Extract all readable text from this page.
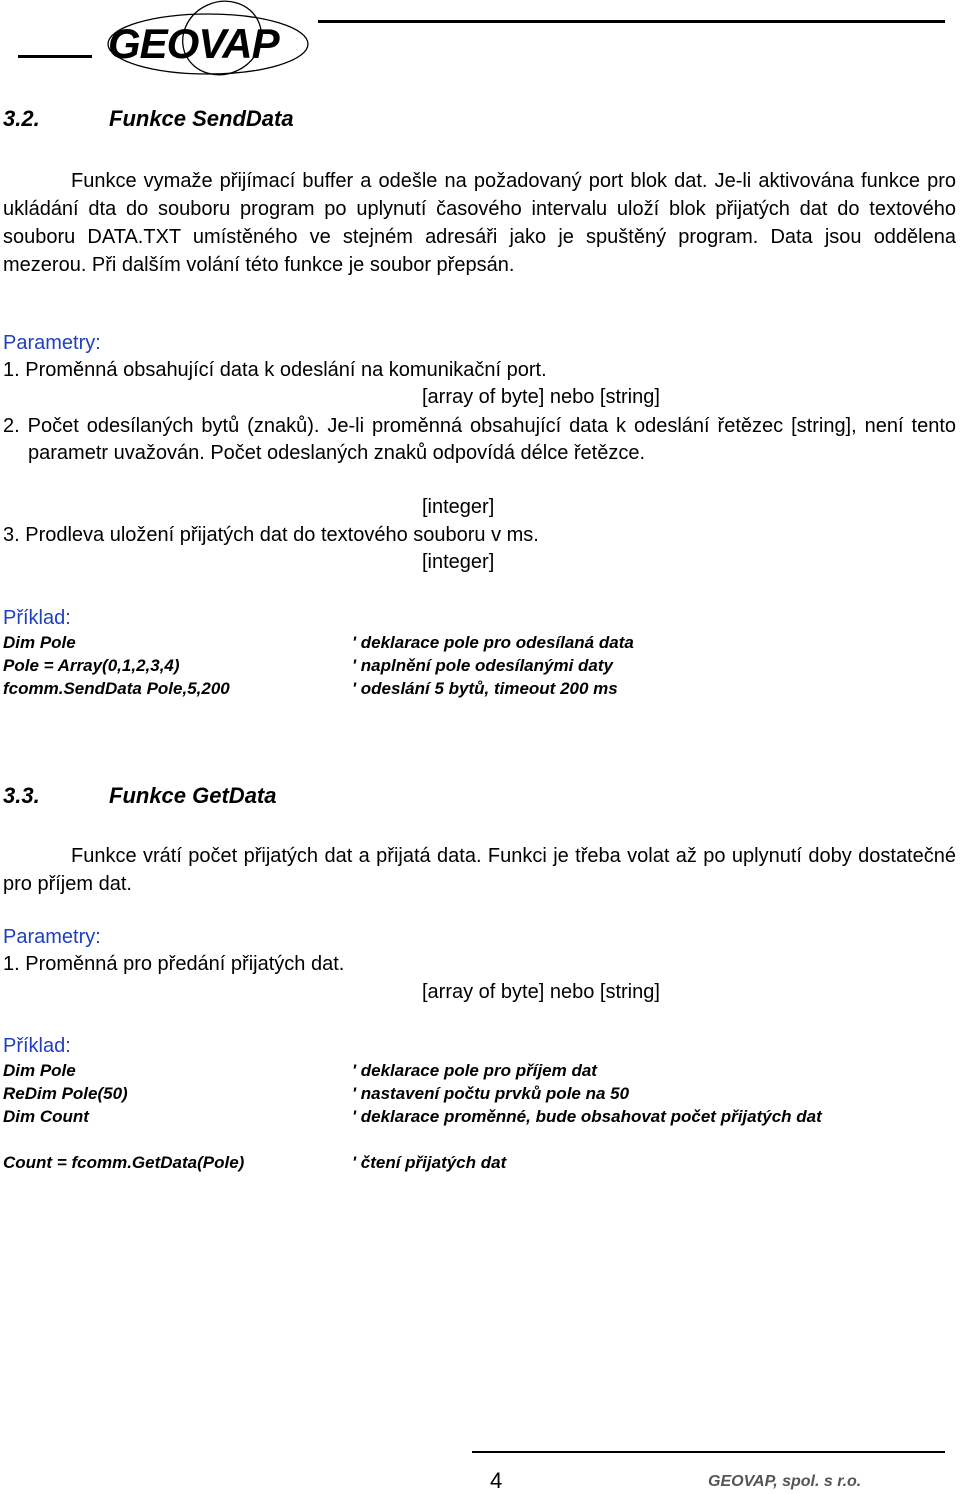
GEOVAP
3.2.	Funkce SendData
Funkce vymaže přijímací buffer a odešle na požadovaný port blok dat. Je-li aktivována funkce pro ukládání dta do souboru program po uplynutí časového intervalu uloží blok přijatých dat do textového souboru DATA.TXT umístěného ve stejném adresáři jako je spuštěný program. Data jsou oddělena mezerou. Při dalším volání této funkce je soubor přepsán.
Parametry:
1. Proměnná obsahující data k odeslání na komunikační port.
[array of byte] nebo [string]
2. Počet odesílaných bytů (znaků). Je-li proměnná obsahující data k odeslání řetězec [string], není tento parametr uvažován. Počet odeslaných znaků odpovídá délce řetězce.
[integer]
3. Prodleva uložení přijatých dat do textového souboru v ms.
[integer]
Příklad:
Dim Pole	' deklarace pole pro odesílaná data
Pole = Array(0,1,2,3,4)	' naplnění pole odesílanými daty
fcomm.SendData Pole,5,200	' odeslání 5 bytů, timeout 200 ms
3.3.	Funkce GetData
Funkce vrátí počet přijatých dat a přijatá data. Funkci je třeba volat až po uplynutí doby dostatečné pro příjem dat.
Parametry:
1. Proměnná pro předání přijatých dat.
[array of byte] nebo [string]
Příklad:
Dim Pole	' deklarace pole pro příjem dat
ReDim Pole(50)	' nastavení počtu prvků pole na 50
Dim Count	' deklarace proměnné, bude obsahovat počet přijatých dat
Count = fcomm.GetData(Pole)	' čtení přijatých dat
4	GEOVAP, spol. s r.o.
